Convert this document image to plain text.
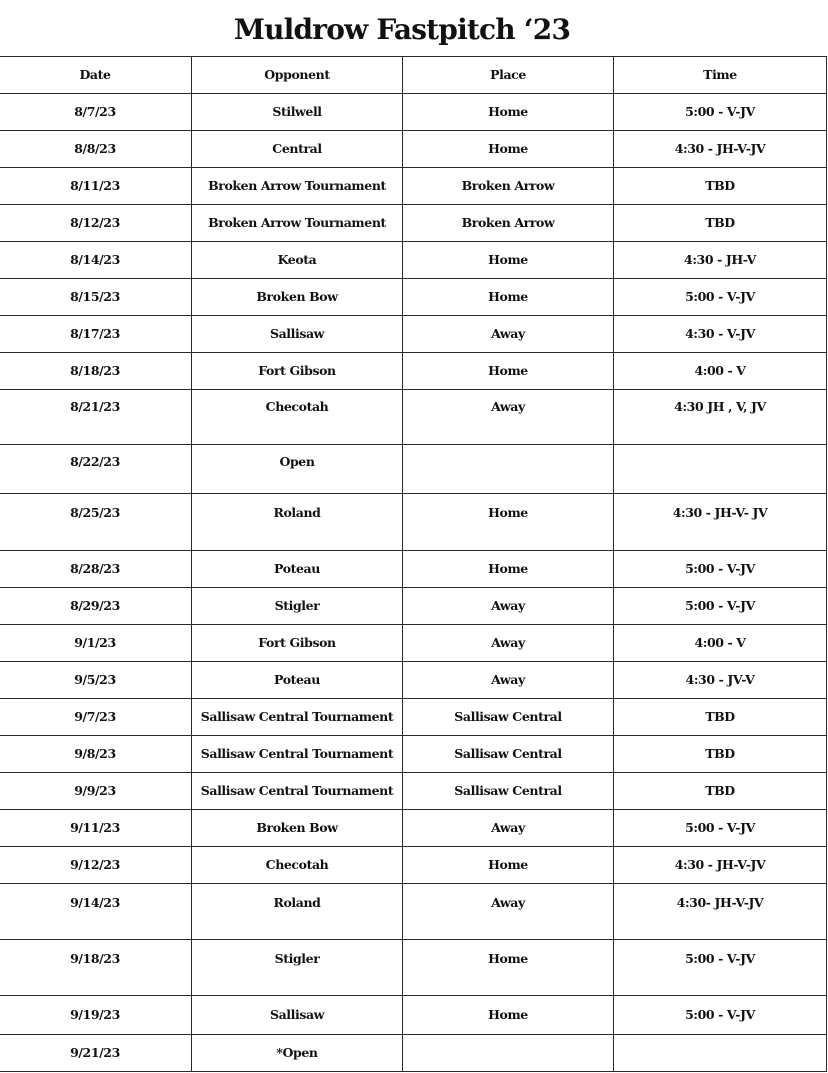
Muldrow Fastpitch ‘23
Date	Opponent	Place	Time
8/7/23	Stilwell	Home	5:00 - V-JV
8/8/23	Central	Home	4:30 - JH-V-JV
8/11/23	Broken Arrow Tournament	Broken Arrow	TBD
8/12/23	Broken Arrow Tournament	Broken Arrow	TBD
8/14/23	Keota	Home	4:30 - JH-V
8/15/23	Broken Bow	Home	5:00 - V-JV
8/17/23	Sallisaw	Away	4:30 - V-JV
8/18/23	Fort Gibson	Home	4:00 - V
8/21/23	Checotah	Away	4:30 JH , V, JV
8/22/23	Open		
8/25/23	Roland	Home	4:30 - JH-V- JV
8/28/23	Poteau	Home	5:00 - V-JV
8/29/23	Stigler	Away	5:00 - V-JV
9/1/23	Fort Gibson	Away	4:00 - V
9/5/23	Poteau	Away	4:30 - JV-V
9/7/23	Sallisaw Central Tournament	Sallisaw Central	TBD
9/8/23	Sallisaw Central Tournament	Sallisaw Central	TBD
9/9/23	Sallisaw Central Tournament	Sallisaw Central	TBD
9/11/23	Broken Bow	Away	5:00 - V-JV
9/12/23	Checotah	Home	4:30 - JH-V-JV
9/14/23	Roland	Away	4:30- JH-V-JV
9/18/23	Stigler	Home	5:00 - V-JV
9/19/23	Sallisaw	Home	5:00 - V-JV
9/21/23	*Open		
